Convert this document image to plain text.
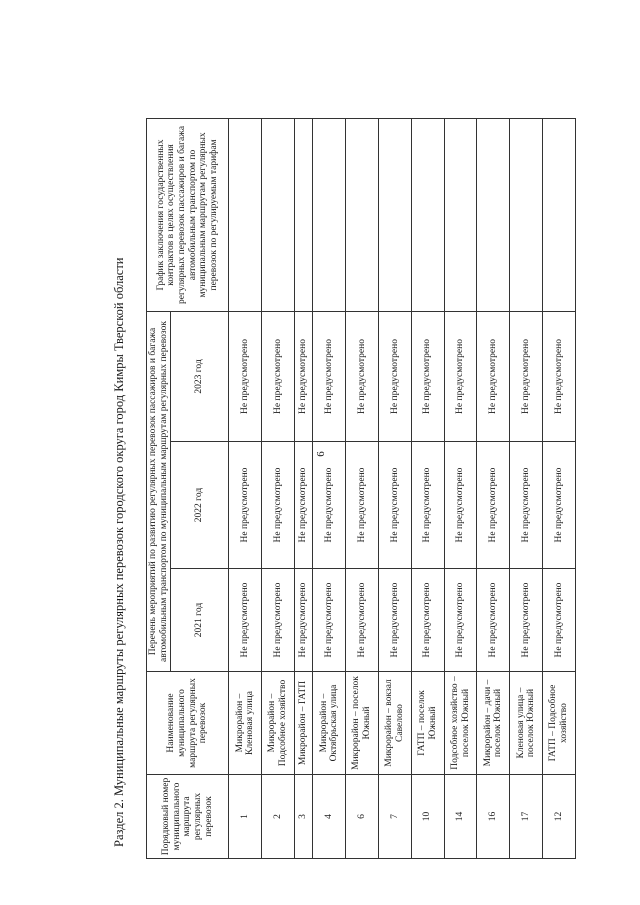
6
Раздел 2. Муниципальные маршруты регулярных перевозок городского округа город Кимры Тверской области	Порядковый номер муниципального маршрута регулярных перевозок	Наименование муниципального маршрута регулярных перевозок	Перечень мероприятий по развитию регулярных перевозок пассажиров и багажа автомобильным транспортом по муниципальным маршрутам регулярных перевозок			График заключения государственных контрактов в целях осуществления регулярных перевозок пассажиров и багажа автомобильным транспортом по муниципальным маршрутам регулярных перевозок по регулируемым тарифам
		2021 год	2022 год	2023 год	
1	Микрорайон – Кленовая улица	Не предусмотрено	Не предусмотрено	Не предусмотрено	
2	Микрорайон – Подсобное хозяйство	Не предусмотрено	Не предусмотрено	Не предусмотрено	
3	Микрорайон – ГАТП	Не предусмотрено	Не предусмотрено	Не предусмотрено	
4	Микрорайон – Октябрьская улица	Не предусмотрено	Не предусмотрено	Не предусмотрено	
6	Микрорайон – поселок Южный	Не предусмотрено	Не предусмотрено	Не предусмотрено	
7	Микрорайон – вокзал Савелово	Не предусмотрено	Не предусмотрено	Не предусмотрено	
10	ГАТП – поселок Южный	Не предусмотрено	Не предусмотрено	Не предусмотрено	
14	Подсобное хозяйство – поселок Южный	Не предусмотрено	Не предусмотрено	Не предусмотрено	
16	Микрорайон – дачи – поселок Южный	Не предусмотрено	Не предусмотрено	Не предусмотрено	
17	Кленовая улица – поселок Южный	Не предусмотрено	Не предусмотрено	Не предусмотрено	
12	ГАТП – Подсобное хозяйство	Не предусмотрено	Не предусмотрено	Не предусмотрено	
